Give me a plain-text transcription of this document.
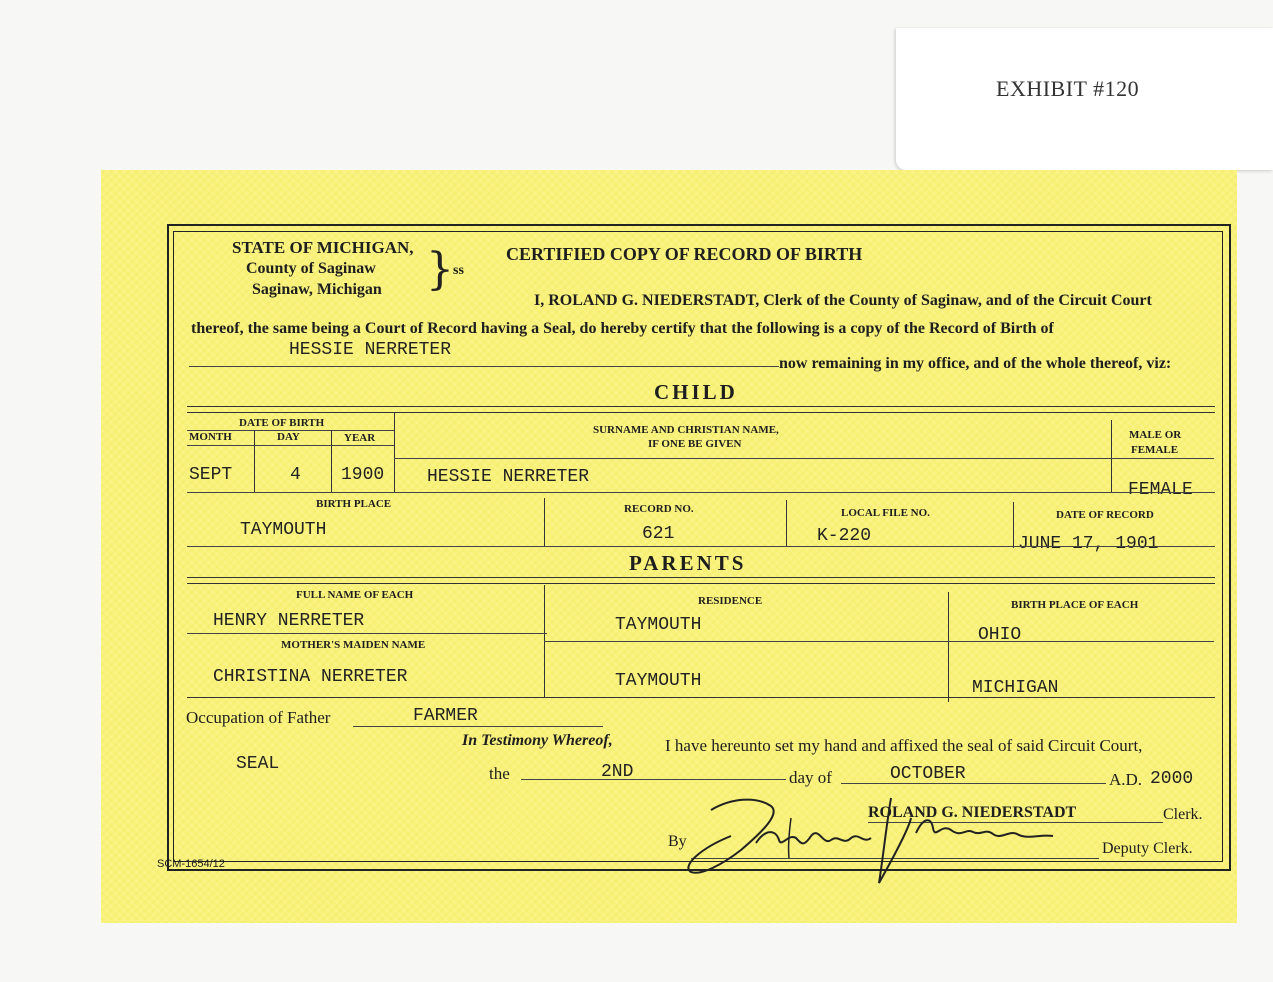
EXHIBIT #120
STATE OF MICHIGAN,
County of Saginaw
Saginaw, Michigan } ss
CERTIFIED COPY OF RECORD OF BIRTH
I, ROLAND G. NIEDERSTADT, Clerk of the County of Saginaw, and of the Circuit Court
thereof, the same being a Court of Record having a Seal, do hereby certify that the following is a copy of the Record of Birth of
HESSIE NERRETER
now remaining in my office, and of the whole thereof, viz:
CHILD
DATE OF BIRTH
MONTH	DAY	YEAR
SURNAME AND CHRISTIAN NAME,
IF ONE BE GIVEN
MALE OR
FEMALE
SEPT	4 1900 HESSIE NERRETER
FEMALE
BIRTH PLACE	RECORD NO.	LOCAL FILE NO.	DATE OF RECORD
TAYMOUTH	621	K-220	JUNE 17, 1901
PARENTS
FULL NAME OF EACH	RESIDENCE	BIRTH PLACE OF EACH
HENRY NERRETER	TAYMOUTH	OHIO
MOTHER'S MAIDEN NAME
CHRISTINA NERRETER	TAYMOUTH	MICHIGAN
Occupation of Father	FARMER
In Testimony Whereof,	I have hereunto set my hand and affixed the seal of said Circuit Court,
SEAL	the	2ND	day of	OCTOBER	A.D. 2000
ROLAND G. NIEDERSTADT	Clerk.
By	Deputy Clerk.
SCM-1654/12
